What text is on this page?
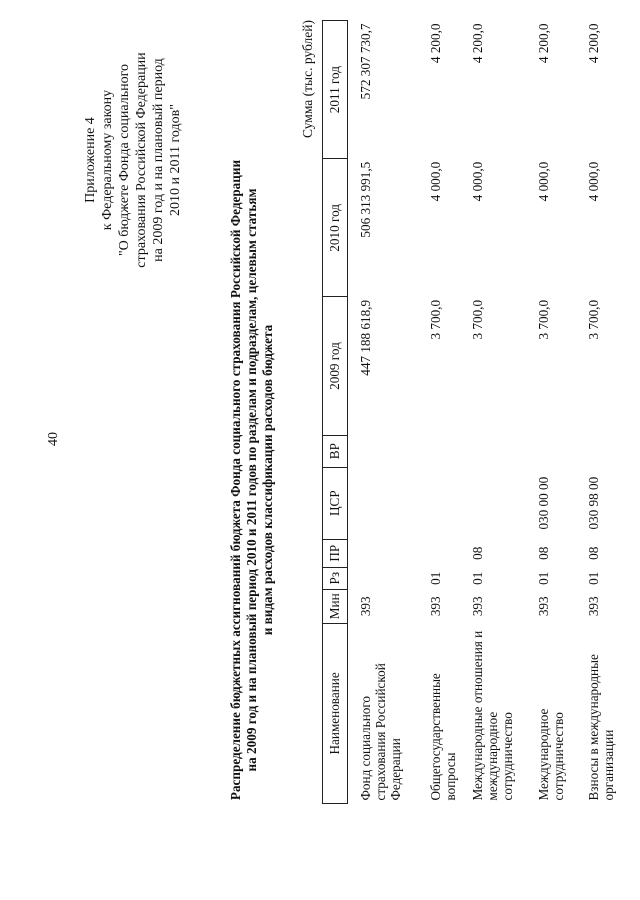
40
Приложение 4 к Федеральному закону "О бюджете Фонда социального страхования Российской Федерации на 2009 год и на плановый период 2010 и 2011 годов"	Распределение бюджетных ассигнований бюджета Фонда социального страхования Российской Федерации на 2009 год и на плановый период 2010 и 2011 годов по разделам и подразделам, целевым статьям и видам расходов классификации расходов бюджета
Сумма (тыс. рублей)
Наименование	Мин	Рз	ПР	ЦСР	ВР	2009 год	2010 год	2011 год
Фонд социального страхования Российской Федерации	393					447 188 618,9	506 313 991,5	572 307 730,7
Общегосударственные вопросы	393	01				3 700,0	4 000,0	4 200,0
Международные отношения и международное сотрудничество	393	01	08			3 700,0	4 000,0	4 200,0
Международное сотрудничество	393	01	08	030 00 00		3 700,0	4 000,0	4 200,0
Взносы в международные организации	393	01	08	030 98 00		3 700,0	4 000,0	4 200,0
